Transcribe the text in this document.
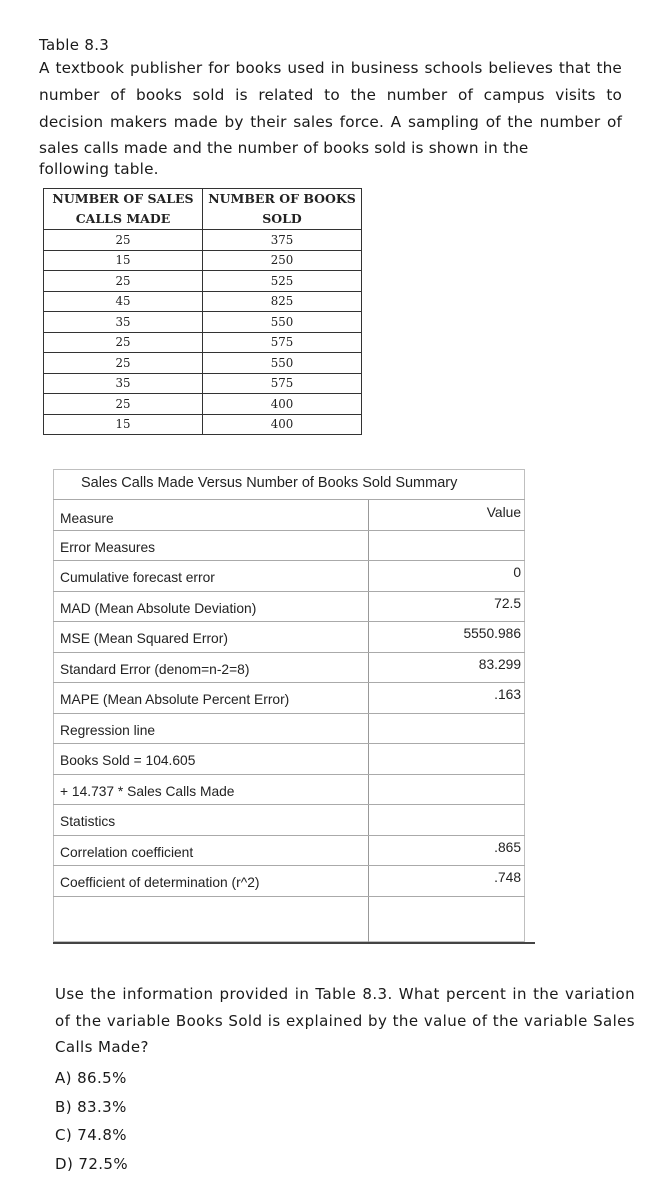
Table 8.3
A textbook publisher for books used in business schools believes that the number of books sold is related to the number of campus visits to decision makers made by their sales force. A sampling of the number of sales calls made and the number of books sold is shown in the
following table.
NUMBER OF SALES CALLS MADE	NUMBER OF BOOKS SOLD
25	375
15	250
25	525
45	825
35	550
25	575
25	550
35	575
25	400
15	400
Sales Calls Made Versus Number of Books Sold Summary
Measure	Value
Error Measures
Cumulative forecast error	0
MAD (Mean Absolute Deviation)	72.5
MSE (Mean Squared Error)	5550.986
Standard Error (denom=n-2=8)	83.299
MAPE (Mean Absolute Percent Error)	.163
Regression line
Books Sold = 104.605
+ 14.737 * Sales Calls Made
Statistics
Correlation coefficient	.865
Coefficient of determination (r^2)	.748
Use the information provided in Table 8.3. What percent in the variation of the variable Books Sold is explained by the value of the variable Sales Calls Made?
A) 86.5%
B) 83.3%
C) 74.8%
D) 72.5%
